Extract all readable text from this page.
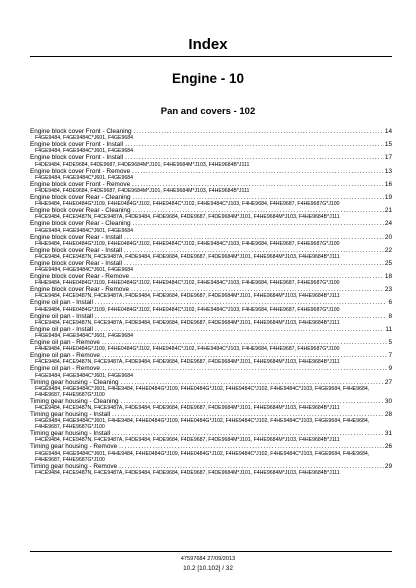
Index
Engine - 10
Pan and covers - 102
Engine block cover Front - Cleaning .....	14
F4GE9484, F4GE9484C*J601, F4GE9684
Engine block cover Front - Install .....	15
F4GE9484, F4GE9484C*J601, F4GE9684
Engine block cover Front - Install .....	17
F4DE9484, F4DE9684, F4DE9687, F4DE9684M*J101, F4HE9684M*J103, F4HE9684B*J111
Engine block cover Front - Remove .....	13
F4GE9484, F4GE9484C*J601, F4GE9684
Engine block cover Front - Remove .....	16
F4DE9484, F4DE9684, F4DE9687, F4DE9684M*J101, F4HE9684M*J103, F4HE9684B*J111
Engine block cover Rear - Cleaning .....	19
F4HE9484, F4HE0484G*J109, F4HE0484G*J102, F4HE9484C*J102, F4HE9484C*J103, F4HE9684, F4HE9687, F4HE9687G*J100
Engine block cover Rear - Cleaning .....	21
F4CE9484, F4CE9487N, F4CE9487A, F4DE9484, F4DE9684, F4DE9687, F4DE9684M*J101, F4HE9684M*J103, F4HE9684B*J111
Engine block cover Rear - Cleaning .....	24
F4GE9484, F4GE9484C*J601, F4GE9684
Engine block cover Rear - Install .....	20
F4HE9484, F4HE0484G*J109, F4HE0484G*J102, F4HE9484C*J102, F4HE9484C*J103, F4HE9684, F4HE9687, F4HE9687G*J100
Engine block cover Rear - Install .....	22
F4CE9484, F4CE9487N, F4CE9487A, F4DE9484, F4DE9684, F4DE9687, F4DE9684M*J101, F4HE9684M*J103, F4HE9684B*J111
Engine block cover Rear - Install .....	25
F4GE9484, F4GE9484C*J601, F4GE9684
Engine block cover Rear - Remove .....	18
F4HE9484, F4HE0484G*J109, F4HE0484G*J102, F4HE9484C*J102, F4HE9484C*J103, F4HE9684, F4HE9687, F4HE9687G*J100
Engine block cover Rear - Remove .....	23
F4CE9484, F4CE9487N, F4CE9487A, F4DE9484, F4DE9684, F4DE9687, F4DE9684M*J101, F4HE9684M*J103, F4HE9684B*J111
Engine oil pan - Install .....	6
F4HE9484, F4HE0484G*J109, F4HE0484G*J102, F4HE9484C*J102, F4HE9484C*J103, F4HE9684, F4HE9687, F4HE9687G*J100
Engine oil pan - Install .....	8
F4CE9484, F4CE9487N, F4CE9487A, F4DE9484, F4DE9684, F4DE9687, F4DE9684M*J101, F4HE9684M*J103, F4HE9684B*J111
Engine oil pan - Install .....	11
F4GE9484, F4GE9484C*J601, F4GE9684
Engine oil pan - Remove .....	5
F4HE9484, F4HE0484G*J109, F4HE0484G*J102, F4HE9484C*J102, F4HE9484C*J103, F4HE9684, F4HE9687, F4HE9687G*J100
Engine oil pan - Remove .....	7
F4CE9484, F4CE9487N, F4CE9487A, F4DE9484, F4DE9684, F4DE9687, F4DE9684M*J101, F4HE9684M*J103, F4HE9684B*J111
Engine oil pan - Remove .....	9
F4GE9484, F4GE9484C*J601, F4GE9684
Timing gear housing - Cleaning .....	27
F4GE9484, F4GE9484C*J601, F4HE9484, F4HE0484G*J109, F4HE0484G*J102, F4HE9484C*J102, F4HE9484C*J103, F4GE9684, F4HE9684, F4HE9687, F4HE9687G*J100
Timing gear housing - Cleaning .....	30
F4CE9484, F4CE9487N, F4CE9487A, F4DE9484, F4DE9684, F4DE9687, F4DE9684M*J101, F4HE9684M*J103, F4HE9684B*J111
Timing gear housing - Install .....	28
F4GE9484, F4GE9484C*J601, F4HE9484, F4HE0484G*J109, F4HE0484G*J102, F4HE9484C*J102, F4HE9484C*J103, F4GE9684, F4HE9684, F4HE9687, F4HE9687G*J100
Timing gear housing - Install .....	31
F4CE9484, F4CE9487N, F4CE9487A, F4DE9484, F4DE9684, F4DE9687, F4DE9684M*J101, F4HE9684M*J103, F4HE9684B*J111
Timing gear housing - Remove .....	26
F4GE9484, F4GE9484C*J601, F4HE9484, F4HE0484G*J109, F4HE0484G*J102, F4HE9484C*J102, F4HE9484C*J103, F4GE9684, F4HE9684, F4HE9687, F4HE9687G*J100
Timing gear housing - Remove .....	29
F4CE9484, F4CE9487N, F4CE9487A, F4DE9484, F4DE9684, F4DE9687, F4DE9684M*J101, F4HE9684M*J103, F4HE9684B*J111
47597684 27/09/2013
10.2 [10.102] / 32
